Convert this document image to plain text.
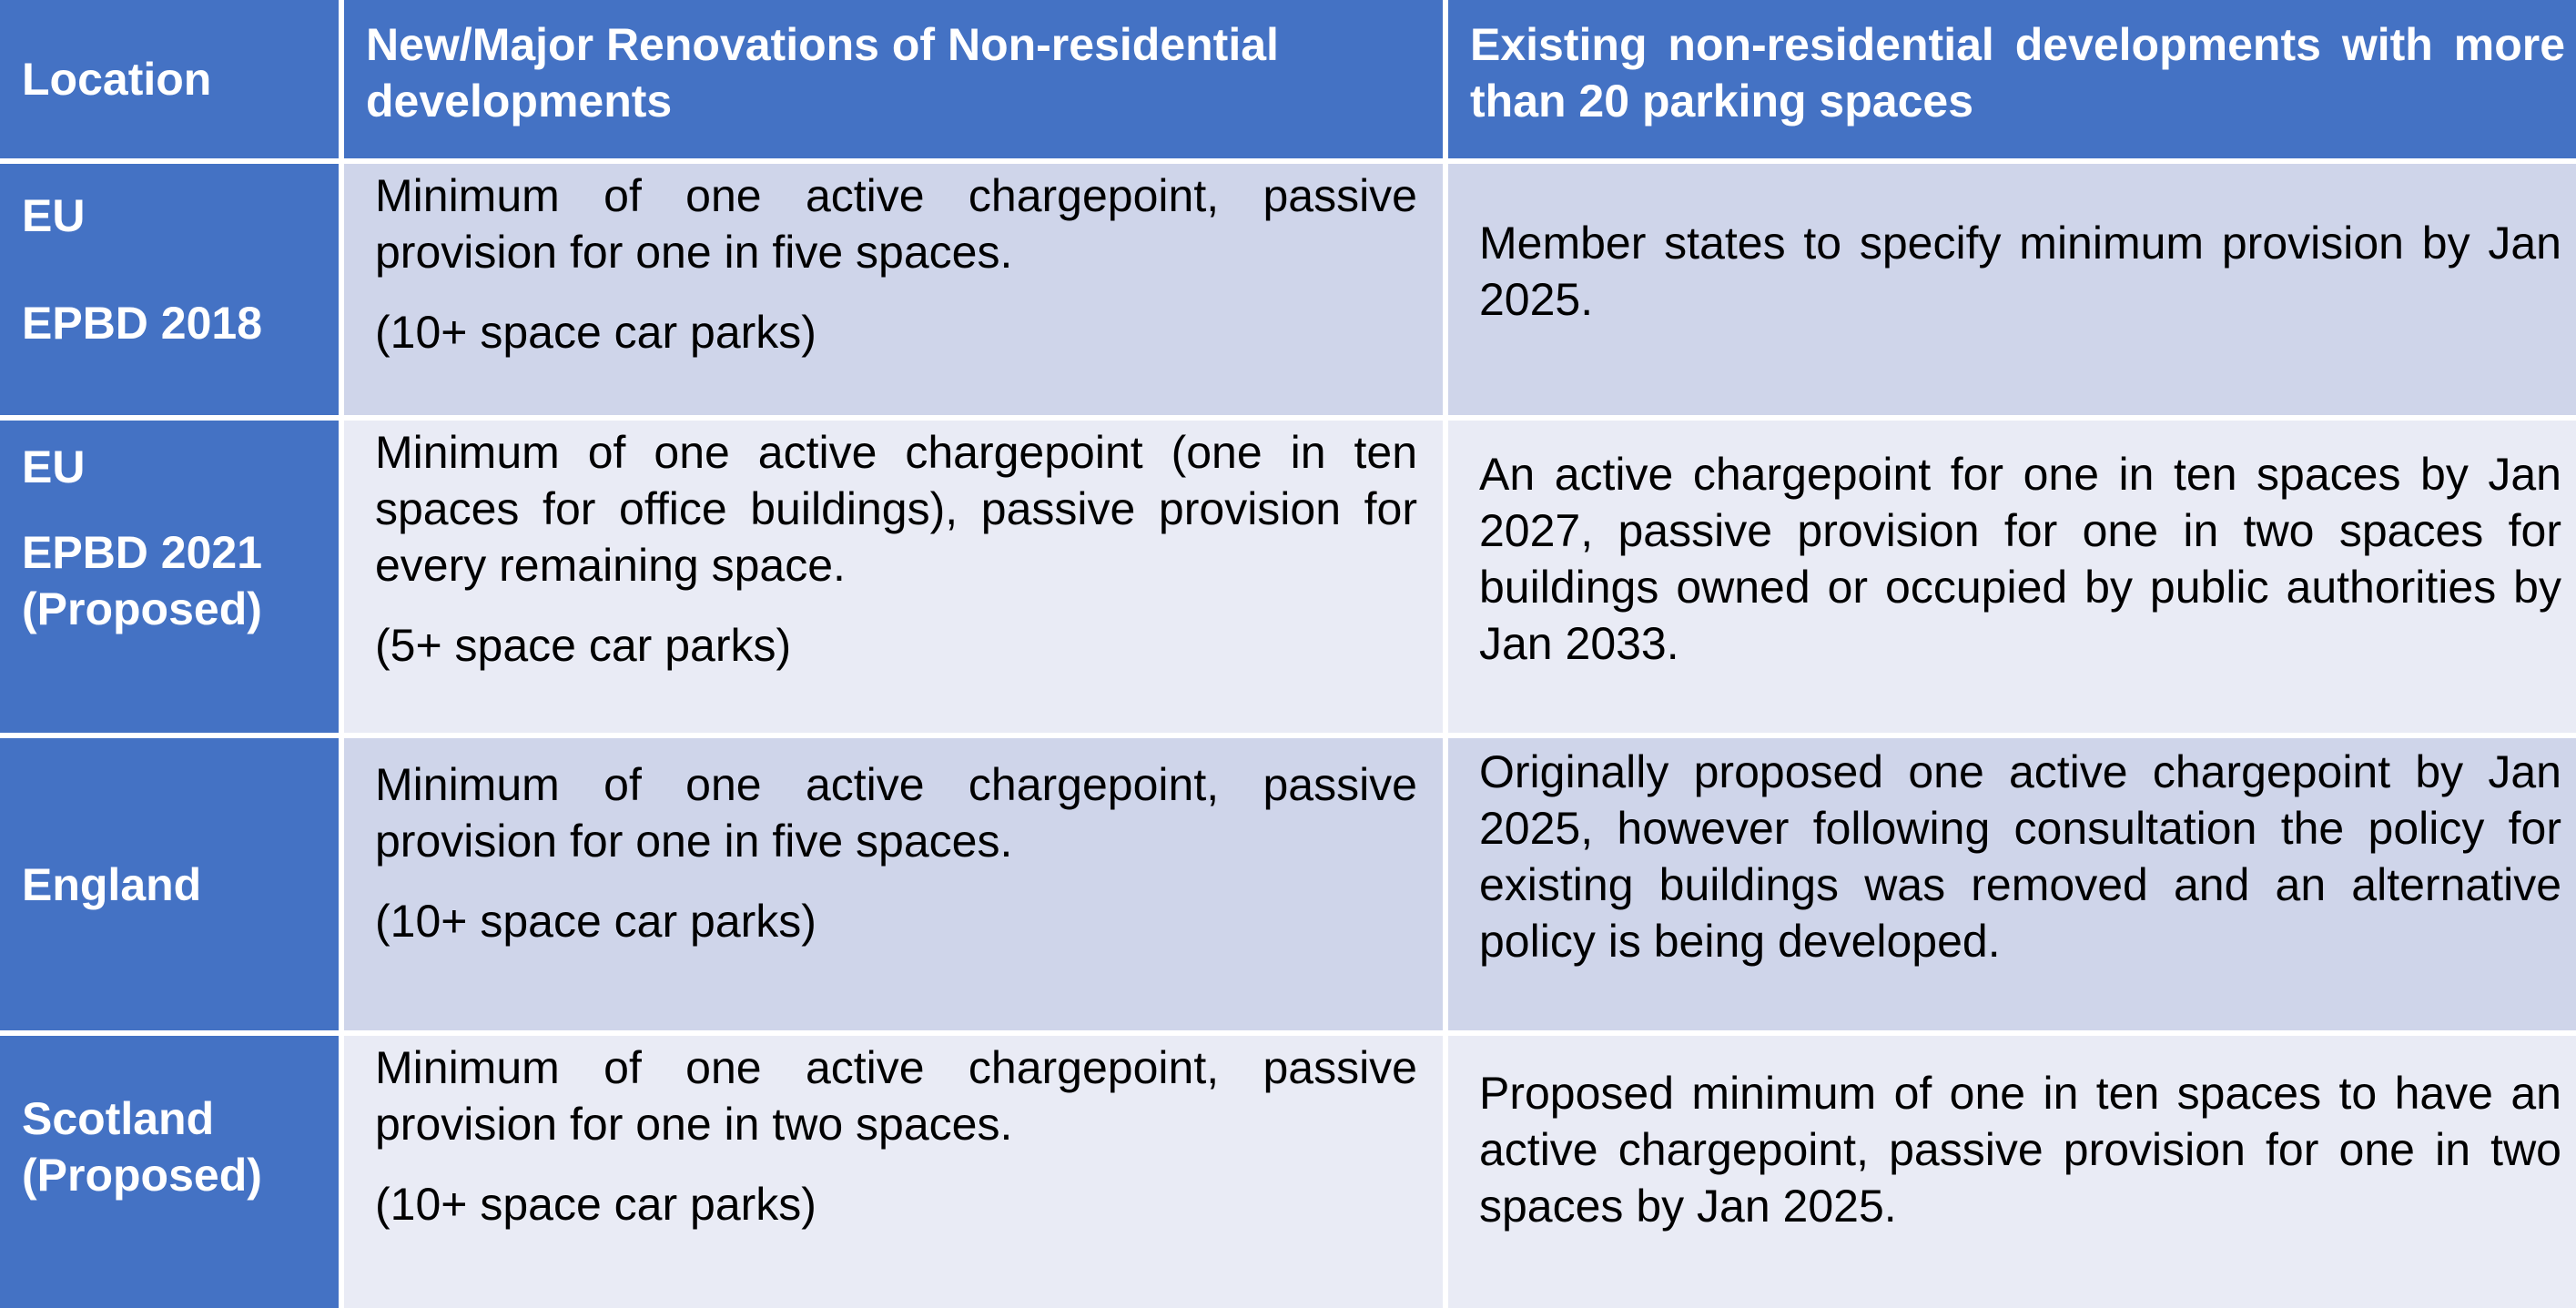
Location
New/Major Renovations of Non-residential developments
Existing non-residential developments with more than 20 parking spaces
EU
EPBD 2018
Minimum of one active chargepoint, passive provision for one in five spaces.
(10+ space car parks)
Member states to specify minimum provision by Jan 2025.
EU
EPBD 2021
(Proposed)
Minimum of one active chargepoint (one in ten spaces for office buildings), passive provision for every remaining space.
(5+ space car parks)
An active chargepoint for one in ten spaces by Jan 2027, passive provision for one in two spaces for buildings owned or occupied by public authorities by Jan 2033.
England
Minimum of one active chargepoint, passive provision for one in five spaces.
(10+ space car parks)
Originally proposed one active chargepoint by Jan 2025, however following consultation the policy for existing buildings was removed and an alternative policy is being developed.
Scotland
(Proposed)
Minimum of one active chargepoint, passive provision for one in two spaces.
(10+ space car parks)
Proposed minimum of one in ten spaces to have an active chargepoint, passive provision for one in two spaces by Jan 2025.
